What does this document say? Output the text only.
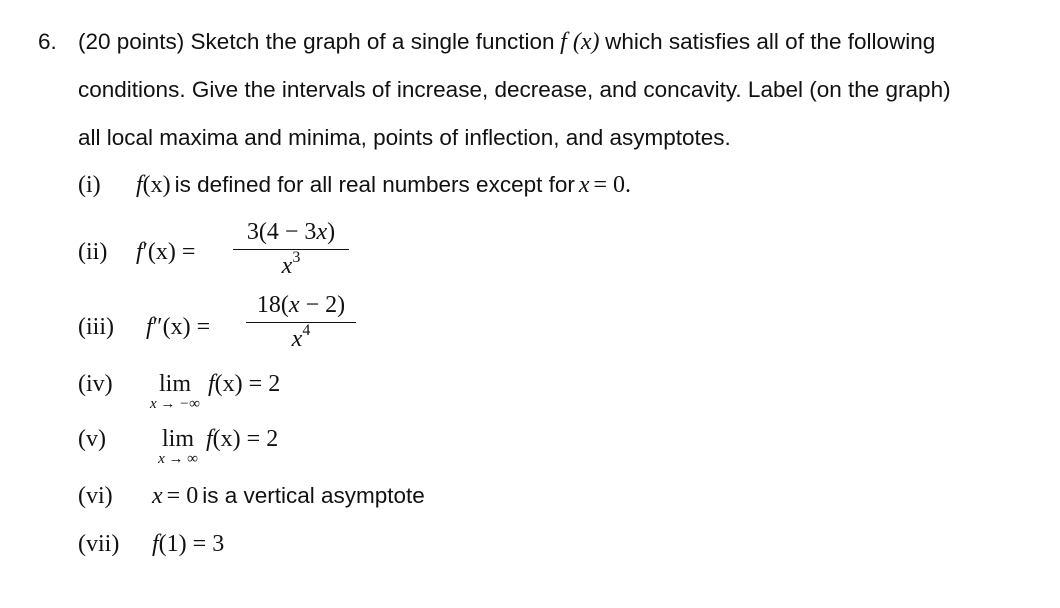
6. (20 points) Sketch the graph of a single function f (x) which satisfies all of the following
conditions. Give the intervals of increase, decrease, and concavity. Label (on the graph)
all local maxima and minima, points of inflection, and asymptotes.
(i) f(x) is defined for all real numbers except for x = 0.
(ii) f′(x) =
3(4 − 3x)
$x^3$
(iii) f″(x) =
18(x − 2)
$x^4$
(iv)	lim
x → −∞
f(x) = 2
(v)	lim
x → ∞
f(x) = 2
(vi) x = 0 is a vertical asymptote
(vii) f(1) = 3
